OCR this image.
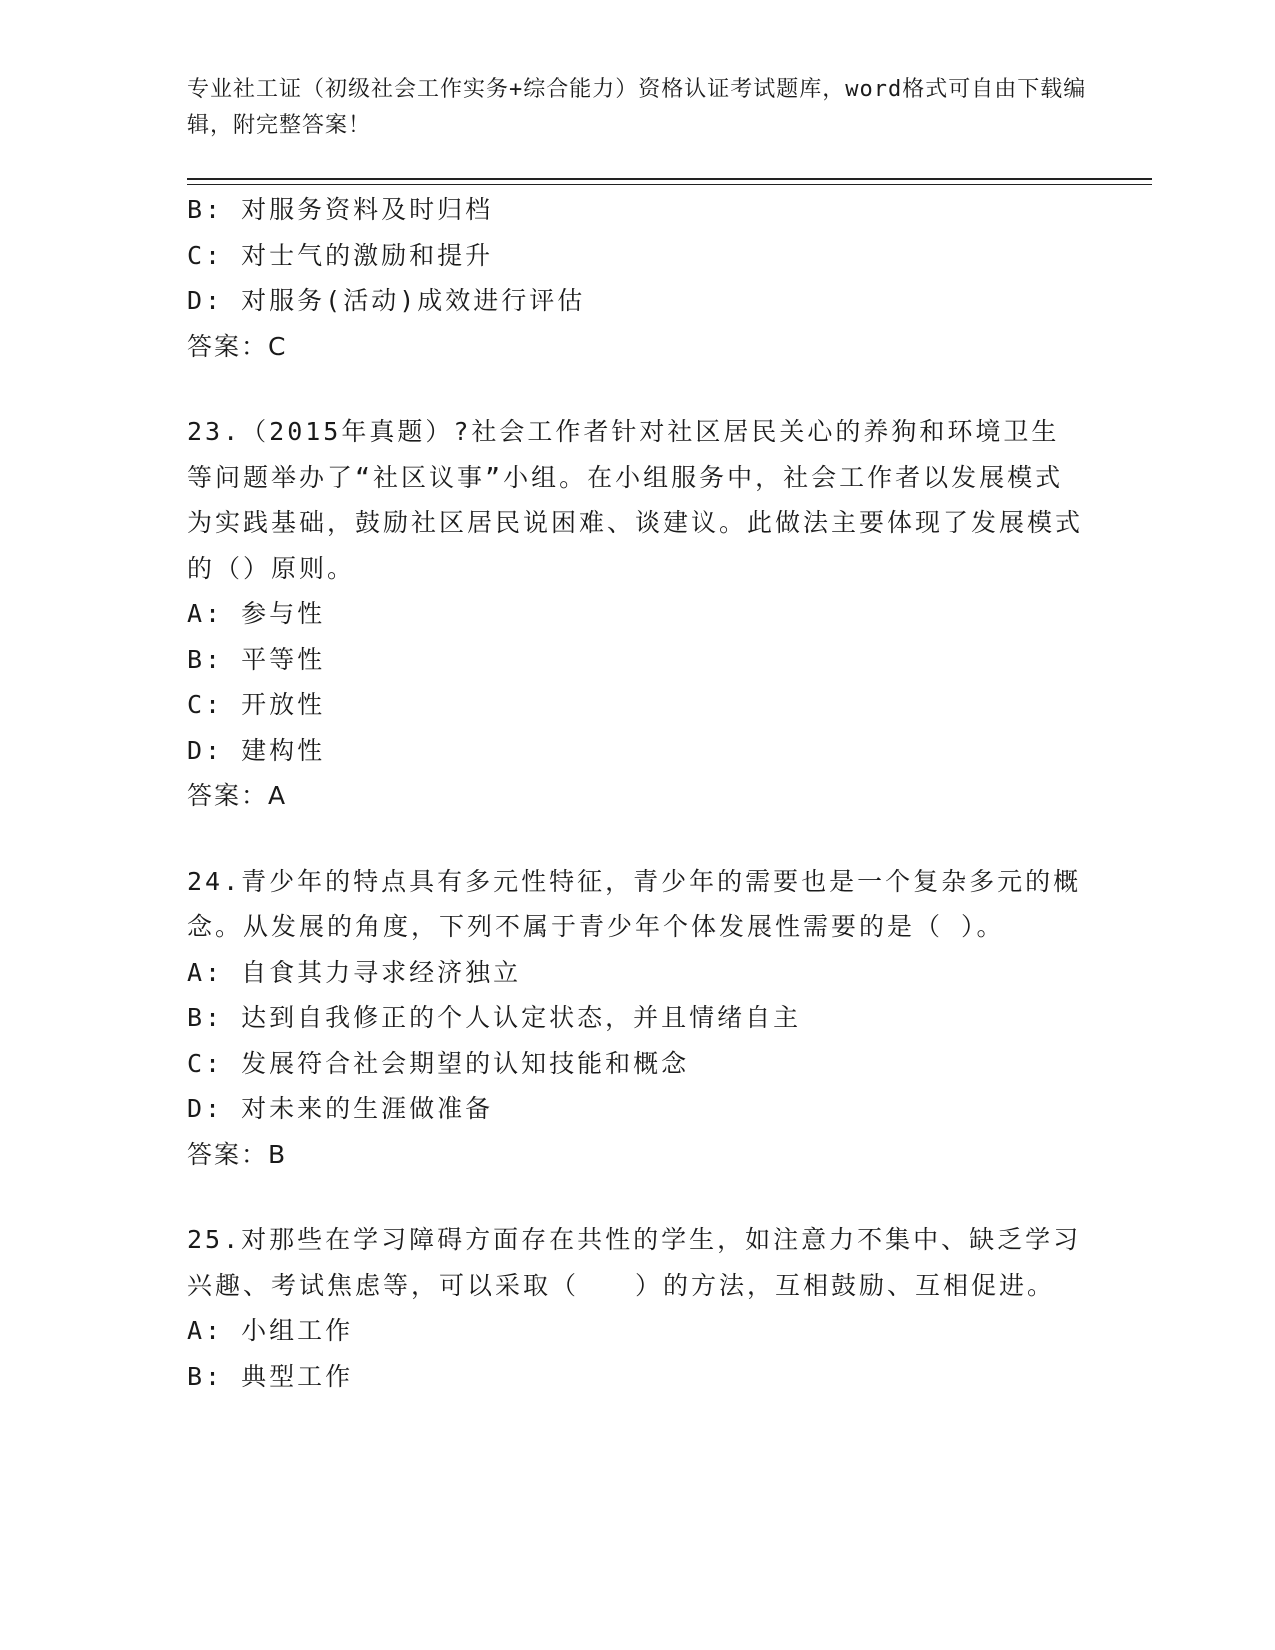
专业社工证（初级社会工作实务+综合能力）资格认证考试题库，word格式可自由下载编辑，附完整答案！

B: 对服务资料及时归档

C: 对士气的激励和提升

D: 对服务(活动)成效进行评估

答案：C

23.（2015年真题）?社会工作者针对社区居民关心的养狗和环境卫生等问题举办了“社区议事”小组。在小组服务中，社会工作者以发展模式为实践基础，鼓励社区居民说困难、谈建议。此做法主要体现了发展模式的（）原则。

A: 参与性

B: 平等性

C: 开放性

D: 建构性

答案：A

24.青少年的特点具有多元性特征，青少年的需要也是一个复杂多元的概念。从发展的角度，下列不属于青少年个体发展性需要的是（ ）。

A: 自食其力寻求经济独立

B: 达到自我修正的个人认定状态，并且情绪自主

C: 发展符合社会期望的认知技能和概念

D: 对未来的生涯做准备

答案：B

25.对那些在学习障碍方面存在共性的学生，如注意力不集中、缺乏学习兴趣、考试焦虑等，可以采取（　　）的方法，互相鼓励、互相促进。

A: 小组工作

B: 典型工作
